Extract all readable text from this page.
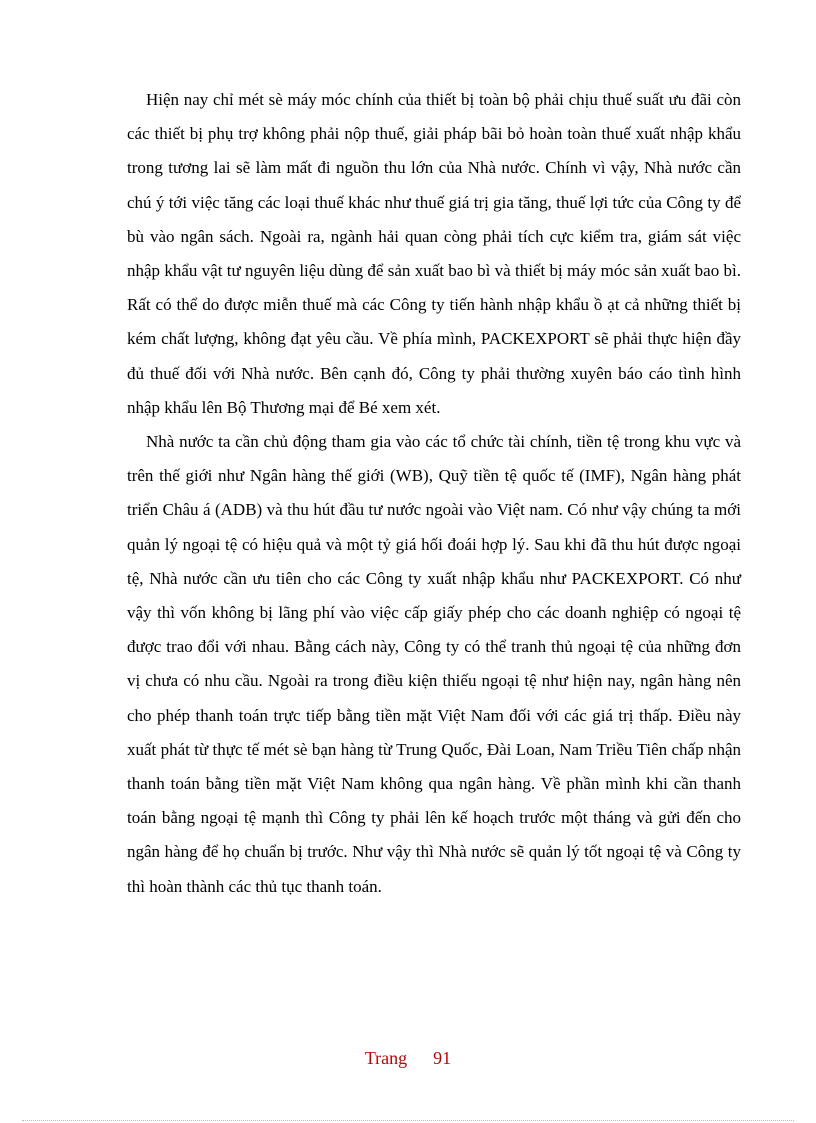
Hiện nay chỉ mét sè máy móc chính của thiết bị toàn bộ phải chịu thuế suất ưu đãi còn các thiết bị phụ trợ không phải nộp thuế, giải pháp bãi bỏ hoàn toàn thuế xuất nhập khẩu trong tương lai sẽ làm mất đi nguồn thu lớn của Nhà nước. Chính vì vậy, Nhà nước cần chú ý tới việc tăng các loại thuế khác như thuế giá trị gia tăng, thuế lợi tức của Công ty để bù vào ngân sách. Ngoài ra, ngành hải quan còng phải tích cực kiểm tra, giám sát việc nhập khẩu vật tư nguyên liệu dùng để sản xuất bao bì và thiết bị máy móc sản xuất bao bì. Rất có thể do được miễn thuế mà các Công ty tiến hành nhập khẩu ồ ạt cả những thiết bị kém chất lượng, không đạt yêu cầu. Về phía mình, PACKEXPORT sẽ phải thực hiện đầy đủ thuế đối với Nhà nước. Bên cạnh đó, Công ty phải thường xuyên báo cáo tình hình nhập khẩu lên Bộ Thương mại để Bé xem xét.

Nhà nước ta cần chủ động tham gia vào các tổ chức tài chính, tiền tệ trong khu vực và trên thế giới như Ngân hàng thế giới (WB), Quỹ tiền tệ quốc tế (IMF), Ngân hàng phát triển Châu á (ADB) và thu hút đầu tư nước ngoài vào Việt nam. Có như vậy chúng ta mới quản lý ngoại tệ có hiệu quả và một tỷ giá hối đoái hợp lý. Sau khi đã thu hút được ngoại tệ, Nhà nước cần ưu tiên cho các Công ty xuất nhập khẩu như PACKEXPORT. Có như vậy thì vốn không bị lãng phí vào việc cấp giấy phép cho các doanh nghiệp có ngoại tệ được trao đổi với nhau. Bằng cách này, Công ty có thể tranh thủ ngoại tệ của những đơn vị chưa có nhu cầu. Ngoài ra trong điều kiện thiếu ngoại tệ như hiện nay, ngân hàng nên cho phép thanh toán trực tiếp bằng tiền mặt Việt Nam đối với các giá trị thấp. Điều này xuất phát từ thực tế mét sè bạn hàng từ Trung Quốc, Đài Loan, Nam Triều Tiên chấp nhận thanh toán bằng tiền mặt Việt Nam không qua ngân hàng. Về phần mình khi cần thanh toán bằng ngoại tệ mạnh thì Công ty phải lên kế hoạch trước một tháng và gửi đến cho ngân hàng để họ chuẩn bị trước. Như vậy thì Nhà nước sẽ quản lý tốt ngoại tệ và Công ty thì hoàn thành các thủ tục thanh toán.

Trang 91
